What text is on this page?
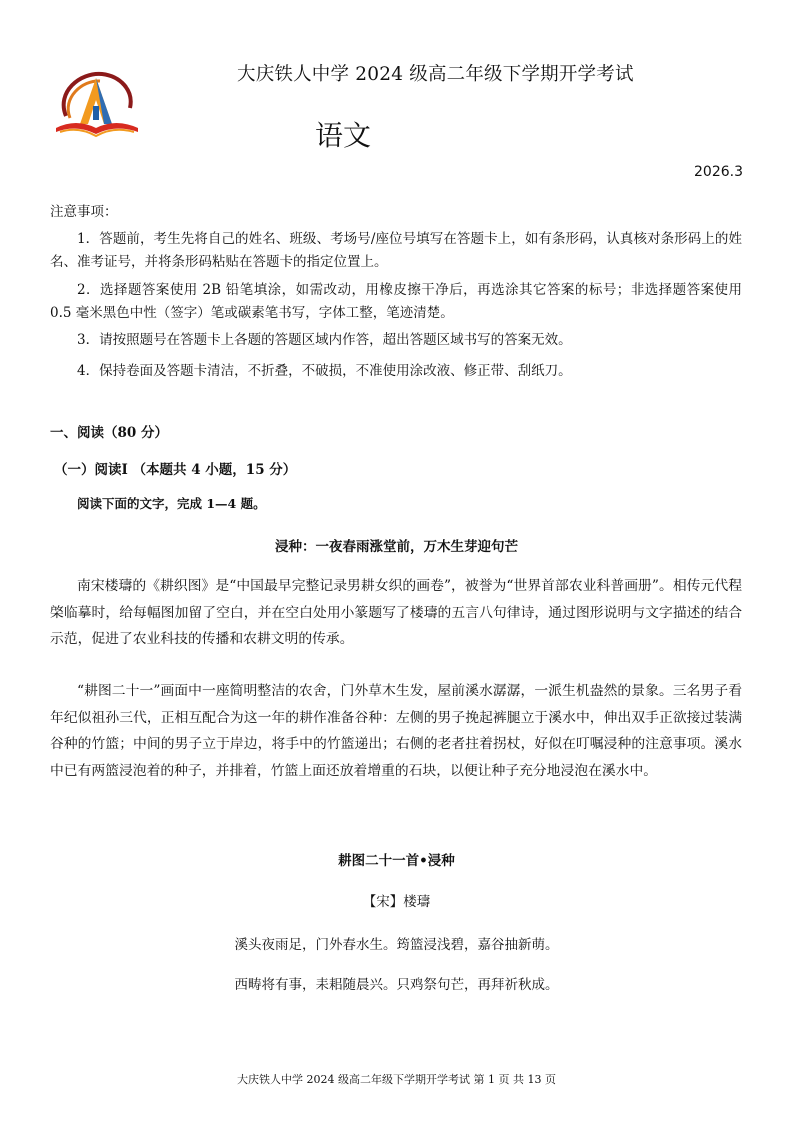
大庆铁人中学 2024 级高二年级下学期开学考试
语文
2026.3
注意事项：
1．答题前，考生先将自己的姓名、班级、考场号/座位号填写在答题卡上，如有条形码，认真核对条形码上的姓名、准考证号，并将条形码粘贴在答题卡的指定位置上。
2．选择题答案使用 2B 铅笔填涂，如需改动，用橡皮擦干净后，再选涂其它答案的标号；非选择题答案使用 0.5 毫米黑色中性（签字）笔或碳素笔书写，字体工整，笔迹清楚。
3．请按照题号在答题卡上各题的答题区域内作答，超出答题区域书写的答案无效。
4．保持卷面及答题卡清洁，不折叠，不破损，不准使用涂改液、修正带、刮纸刀。
一、阅读（80 分）
（一）阅读Ⅰ （本题共 4 小题，15 分）
阅读下面的文字，完成 1—4 题。
浸种：一夜春雨涨堂前，万木生芽迎句芒
南宋楼璹的《耕织图》是“中国最早完整记录男耕女织的画卷”，被誉为“世界首部农业科普画册”。相传元代程棨临摹时，给每幅图加留了空白，并在空白处用小篆题写了楼璹的五言八句律诗，通过图形说明与文字描述的结合示范，促进了农业科技的传播和农耕文明的传承。
“耕图二十一”画面中一座简明整洁的农舍，门外草木生发，屋前溪水潺潺，一派生机盎然的景象。三名男子看年纪似祖孙三代，正相互配合为这一年的耕作准备谷种：左侧的男子挽起裤腿立于溪水中，伸出双手正欲接过装满谷种的竹篮；中间的男子立于岸边，将手中的竹篮递出；右侧的老者拄着拐杖，好似在叮嘱浸种的注意事项。溪水中已有两篮浸泡着的种子，并排着，竹篮上面还放着增重的石块，以便让种子充分地浸泡在溪水中。
耕图二十一首•浸种
【宋】楼璹
溪头夜雨足，门外春水生。筠篮浸浅碧，嘉谷抽新萌。
西畴将有事，耒耜随晨兴。只鸡祭句芒，再拜祈秋成。
大庆铁人中学 2024 级高二年级下学期开学考试 第 1 页 共 13 页
